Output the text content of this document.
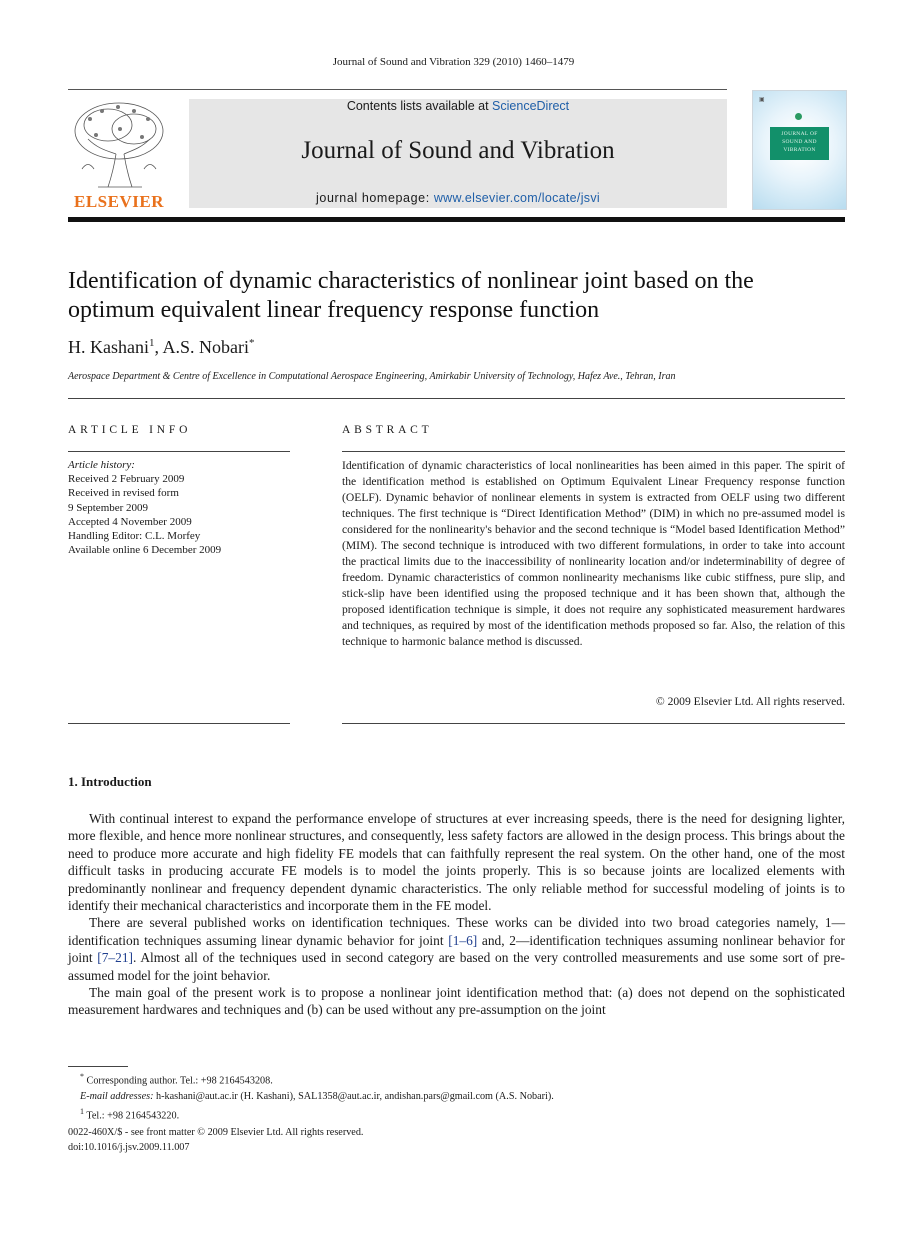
Journal of Sound and Vibration 329 (2010) 1460–1479
ELSEVIER
Contents lists available at ScienceDirect
Journal of Sound and Vibration
journal homepage: www.elsevier.com/locate/jsvi
▣
JOURNAL OF
SOUND AND
VIBRATION
Identification of dynamic characteristics of nonlinear joint based on the optimum equivalent linear frequency response function
H. Kashani$^1$, A.S. Nobari*
Aerospace Department & Centre of Excellence in Computational Aerospace Engineering, Amirkabir University of Technology, Hafez Ave., Tehran, Iran
ARTICLE INFO
Article history:
Received 2 February 2009
Received in revised form
9 September 2009
Accepted 4 November 2009
Handling Editor: C.L. Morfey
Available online 6 December 2009
ABSTRACT
Identification of dynamic characteristics of local nonlinearities has been aimed in this paper. The spirit of the identification method is established on Optimum Equivalent Linear Frequency response function (OELF). Dynamic behavior of nonlinear elements in system is extracted from OELF using two different techniques. The first technique is “Direct Identification Method” (DIM) in which no pre-assumed model is considered for the nonlinearity's behavior and the second technique is “Model based Identification Method” (MIM). The second technique is introduced with two different formulations, in order to take into account the practical limits due to the inaccessibility of nonlinearity location and/or indeterminability of degree of freedom. Dynamic characteristics of common nonlinearity mechanisms like cubic stiffness, pure slip, and stick-slip have been identified using the proposed technique and it has been shown that, although the proposed identification technique is simple, it does not require any sophisticated measurement hardwares and techniques, as required by most of the identification methods proposed so far. Also, the relation of this technique to harmonic balance method is discussed.
© 2009 Elsevier Ltd. All rights reserved.
1. Introduction

With continual interest to expand the performance envelope of structures at ever increasing speeds, there is the need for designing lighter, more flexible, and hence more nonlinear structures, and consequently, less safety factors are allowed in the design process. This brings about the need to produce more accurate and high fidelity FE models that can faithfully represent the real system. On the other hand, one of the most difficult tasks in producing accurate FE models is to model the joints properly. This is so because joints are localized elements with predominantly nonlinear and frequency dependent dynamic characteristics. The only reliable method for successful modeling of joints is to identify their mechanical characteristics and incorporate them in the FE model.

There are several published works on identification techniques. These works can be divided into two broad categories namely, 1—identification techniques assuming linear dynamic behavior for joint [1–6] and, 2—identification techniques assuming nonlinear behavior for joint [7–21]. Almost all of the techniques used in second category are based on the very controlled measurements and use some sort of pre-assumed model for the joint behavior.

The main goal of the present work is to propose a nonlinear joint identification method that: (a) does not depend on the sophisticated measurement hardwares and techniques and (b) can be used without any pre-assumption on the joint

* Corresponding author. Tel.: +98 2164543208.
E-mail addresses: h-kashani@aut.ac.ir (H. Kashani), SAL1358@aut.ac.ir, andishan.pars@gmail.com (A.S. Nobari).
$^1$ Tel.: +98 2164543220.
0022-460X/$ - see front matter © 2009 Elsevier Ltd. All rights reserved.
doi:10.1016/j.jsv.2009.11.007
